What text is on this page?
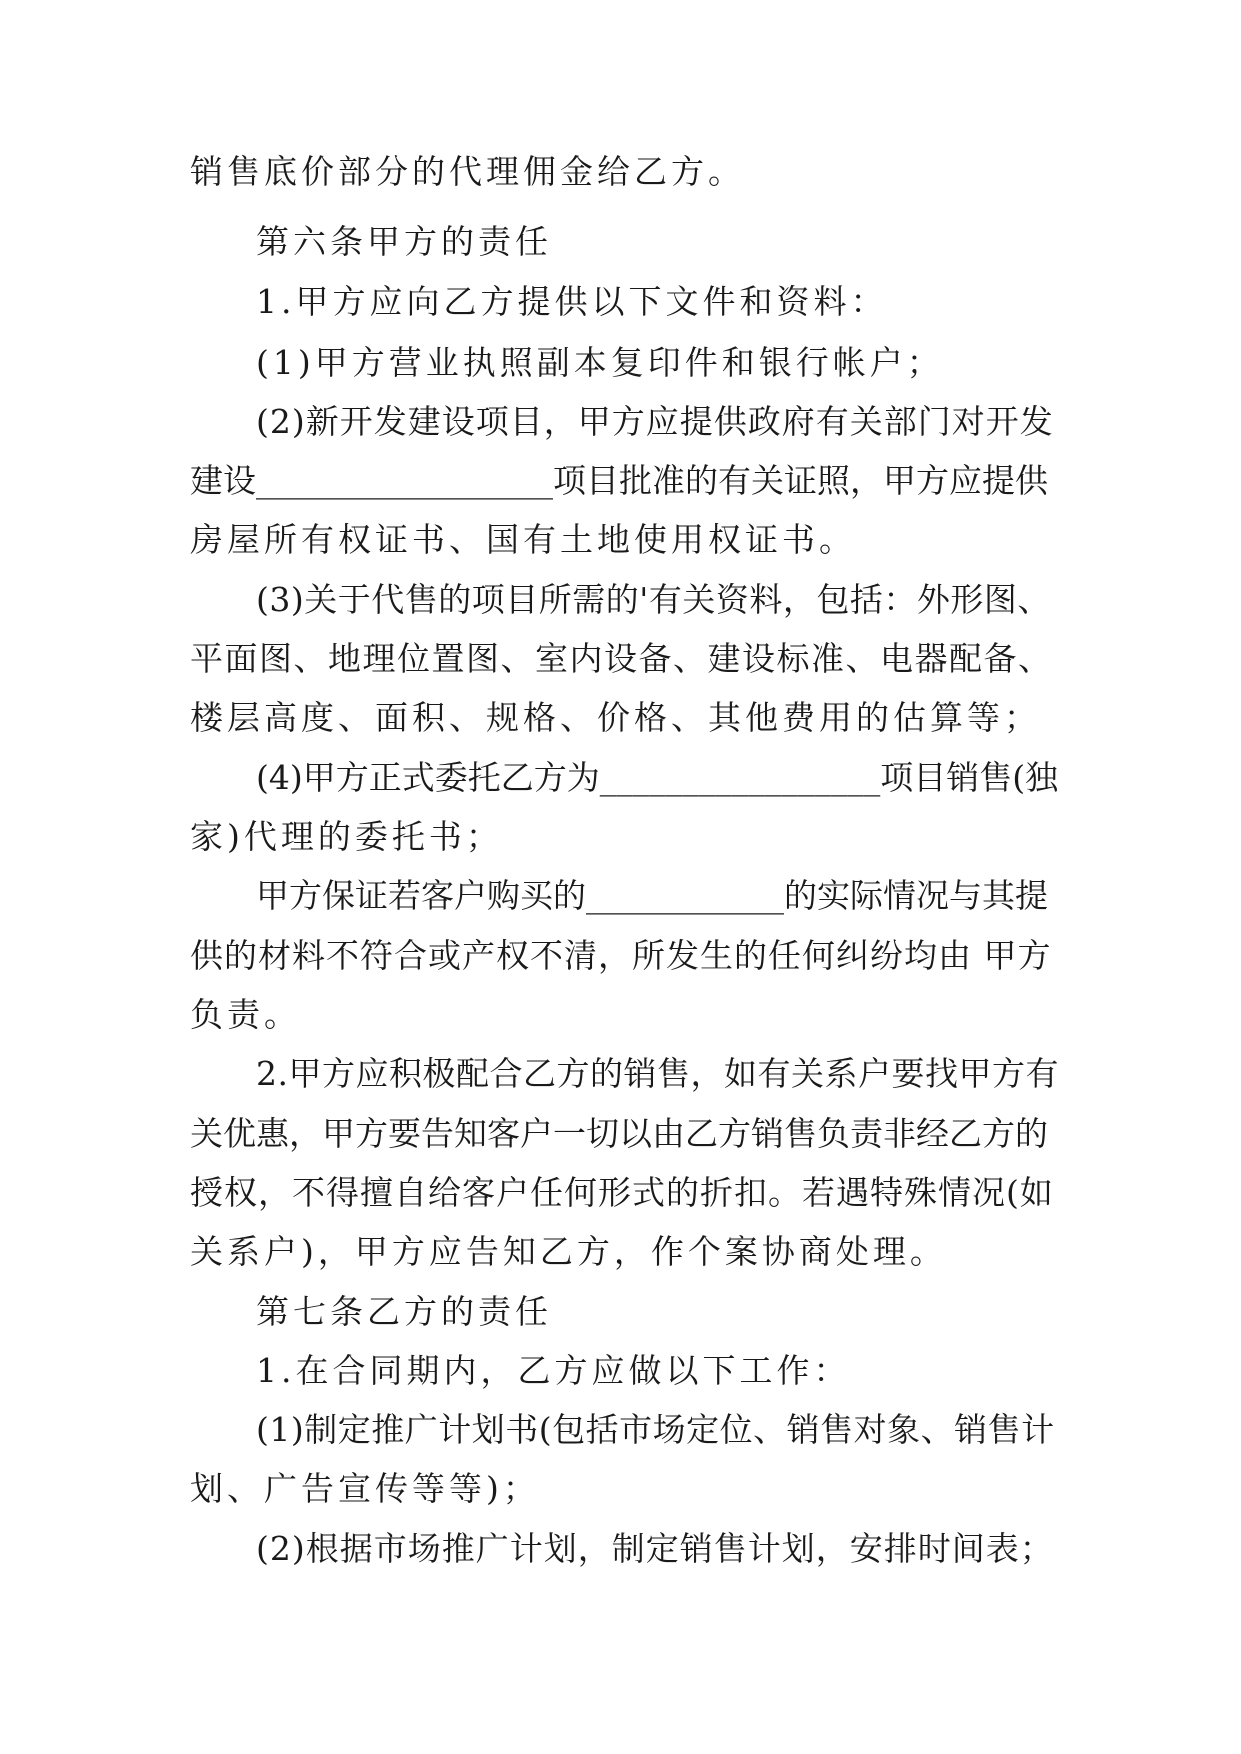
销售底价部分的代理佣金给乙方。
第六条甲方的责任
1.甲方应向乙方提供以下文件和资料：
(1)甲方营业执照副本复印件和银行帐户；
(2)新开发建设项目，甲方应提供政府有关部门对开发
建设__________________项目批准的有关证照，甲方应提供
房屋所有权证书、国有土地使用权证书。
(3)关于代售的项目所需的'有关资料，包括：外形图、
平面图、地理位置图、室内设备、建设标准、电器配备、
楼层高度、面积、规格、价格、其他费用的估算等；
(4)甲方正式委托乙方为_________________项目销售(独
家)代理的委托书；
甲方保证若客户购买的____________的实际情况与其提
供的材料不符合或产权不清，所发生的任何纠纷均由 甲方
负责。
2.甲方应积极配合乙方的销售，如有关系户要找甲方有
关优惠，甲方要告知客户一切以由乙方销售负责非经乙方的
授权，不得擅自给客户任何形式的折扣。若遇特殊情况(如
关系户)，甲方应告知乙方，作个案协商处理。
第七条乙方的责任
1.在合同期内，乙方应做以下工作：
(1)制定推广计划书(包括市场定位、销售对象、销售计
划、广告宣传等等)；
(2)根据市场推广计划，制定销售计划，安排时间表；
